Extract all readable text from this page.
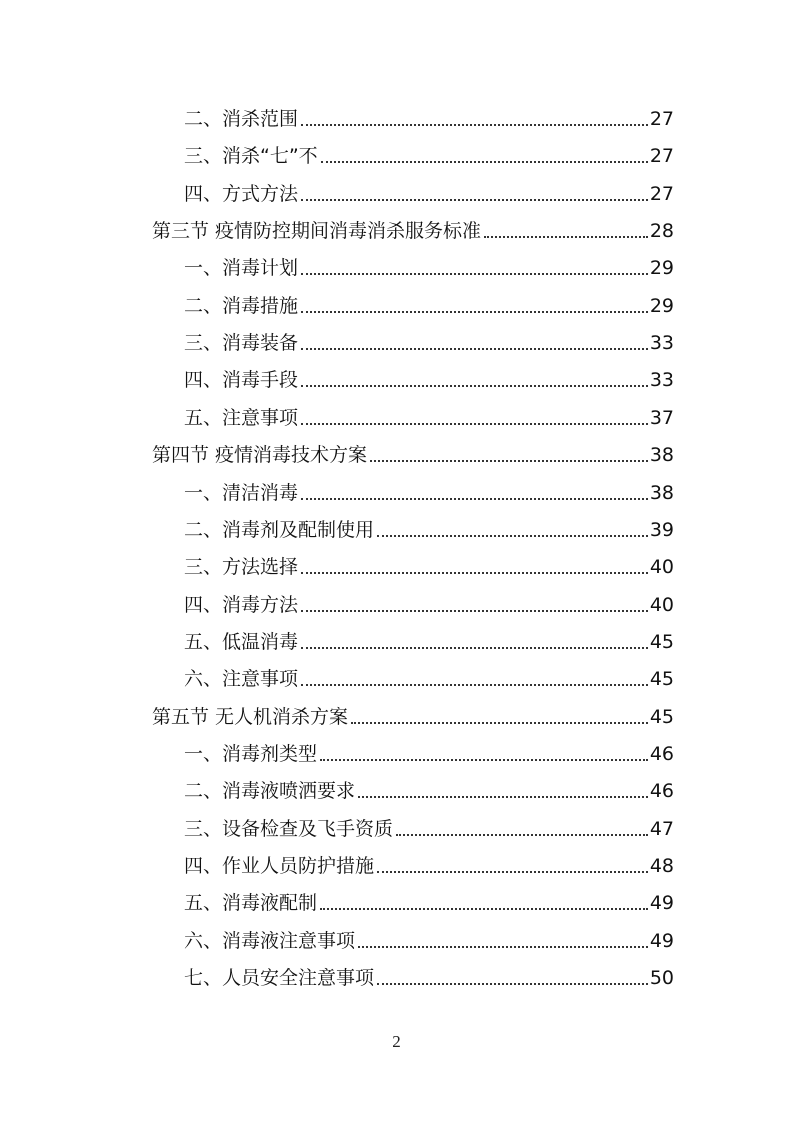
二、消杀范围	27
三、消杀“七”不	27
四、方式方法	27
第三节 疫情防控期间消毒消杀服务标准	28
一、消毒计划	29
二、消毒措施	29
三、消毒装备	33
四、消毒手段	33
五、注意事项	37
第四节 疫情消毒技术方案	38
一、清洁消毒	38
二、消毒剂及配制使用	39
三、方法选择	40
四、消毒方法	40
五、低温消毒	45
六、注意事项	45
第五节 无人机消杀方案	45
一、消毒剂类型	46
二、消毒液喷洒要求	46
三、设备检查及飞手资质	47
四、作业人员防护措施	48
五、消毒液配制	49
六、消毒液注意事项	49
七、人员安全注意事项	50
2
